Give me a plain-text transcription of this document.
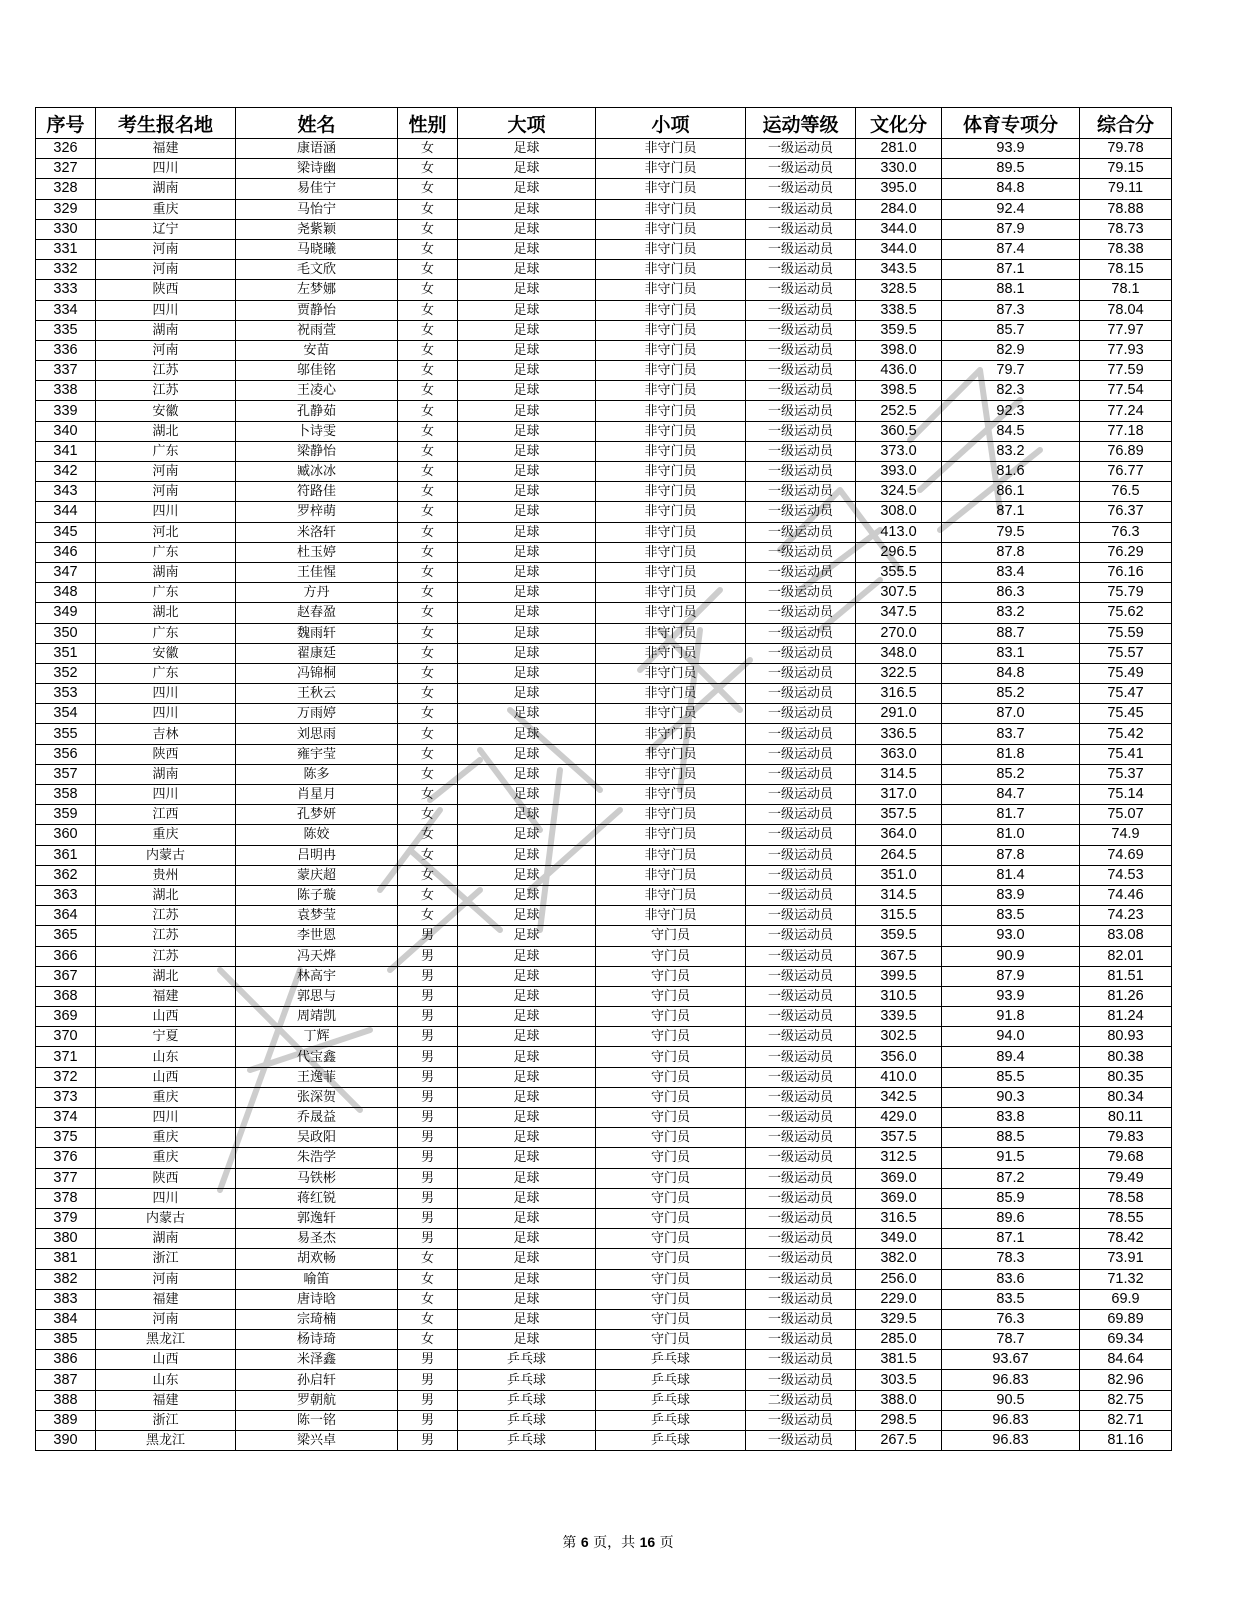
序号	考生报名地	姓名	性别	大项	小项	运动等级	文化分	体育专项分	综合分
326	福建	康语涵	女	足球	非守门员	一级运动员	281.0	93.9	79.78
327	四川	梁诗幽	女	足球	非守门员	一级运动员	330.0	89.5	79.15
328	湖南	易佳宁	女	足球	非守门员	一级运动员	395.0	84.8	79.11
329	重庆	马怡宁	女	足球	非守门员	一级运动员	284.0	92.4	78.88
330	辽宁	尧紫颖	女	足球	非守门员	一级运动员	344.0	87.9	78.73
331	河南	马晓曦	女	足球	非守门员	一级运动员	344.0	87.4	78.38
332	河南	毛文欣	女	足球	非守门员	一级运动员	343.5	87.1	78.15
333	陕西	左梦娜	女	足球	非守门员	一级运动员	328.5	88.1	78.1
334	四川	贾静怡	女	足球	非守门员	一级运动员	338.5	87.3	78.04
335	湖南	祝雨萱	女	足球	非守门员	一级运动员	359.5	85.7	77.97
336	河南	安苗	女	足球	非守门员	一级运动员	398.0	82.9	77.93
337	江苏	邬佳铭	女	足球	非守门员	一级运动员	436.0	79.7	77.59
338	江苏	王凌心	女	足球	非守门员	一级运动员	398.5	82.3	77.54
339	安徽	孔静茹	女	足球	非守门员	一级运动员	252.5	92.3	77.24
340	湖北	卜诗雯	女	足球	非守门员	一级运动员	360.5	84.5	77.18
341	广东	梁静怡	女	足球	非守门员	一级运动员	373.0	83.2	76.89
342	河南	臧冰冰	女	足球	非守门员	一级运动员	393.0	81.6	76.77
343	河南	符路佳	女	足球	非守门员	一级运动员	324.5	86.1	76.5
344	四川	罗梓萌	女	足球	非守门员	一级运动员	308.0	87.1	76.37
345	河北	米洛轩	女	足球	非守门员	一级运动员	413.0	79.5	76.3
346	广东	杜玉婷	女	足球	非守门员	一级运动员	296.5	87.8	76.29
347	湖南	王佳惺	女	足球	非守门员	一级运动员	355.5	83.4	76.16
348	广东	方丹	女	足球	非守门员	一级运动员	307.5	86.3	75.79
349	湖北	赵春盈	女	足球	非守门员	一级运动员	347.5	83.2	75.62
350	广东	魏雨轩	女	足球	非守门员	一级运动员	270.0	88.7	75.59
351	安徽	翟康廷	女	足球	非守门员	一级运动员	348.0	83.1	75.57
352	广东	冯锦桐	女	足球	非守门员	一级运动员	322.5	84.8	75.49
353	四川	王秋云	女	足球	非守门员	一级运动员	316.5	85.2	75.47
354	四川	万雨婷	女	足球	非守门员	一级运动员	291.0	87.0	75.45
355	吉林	刘思雨	女	足球	非守门员	一级运动员	336.5	83.7	75.42
356	陕西	雍宇莹	女	足球	非守门员	一级运动员	363.0	81.8	75.41
357	湖南	陈多	女	足球	非守门员	一级运动员	314.5	85.2	75.37
358	四川	肖星月	女	足球	非守门员	一级运动员	317.0	84.7	75.14
359	江西	孔梦妍	女	足球	非守门员	一级运动员	357.5	81.7	75.07
360	重庆	陈姣	女	足球	非守门员	一级运动员	364.0	81.0	74.9
361	内蒙古	吕明冉	女	足球	非守门员	一级运动员	264.5	87.8	74.69
362	贵州	蒙庆超	女	足球	非守门员	一级运动员	351.0	81.4	74.53
363	湖北	陈子璇	女	足球	非守门员	一级运动员	314.5	83.9	74.46
364	江苏	袁梦莹	女	足球	非守门员	一级运动员	315.5	83.5	74.23
365	江苏	李世恩	男	足球	守门员	一级运动员	359.5	93.0	83.08
366	江苏	冯天烨	男	足球	守门员	一级运动员	367.5	90.9	82.01
367	湖北	林高宇	男	足球	守门员	一级运动员	399.5	87.9	81.51
368	福建	郭思与	男	足球	守门员	一级运动员	310.5	93.9	81.26
369	山西	周靖凯	男	足球	守门员	一级运动员	339.5	91.8	81.24
370	宁夏	丁辉	男	足球	守门员	一级运动员	302.5	94.0	80.93
371	山东	代宝鑫	男	足球	守门员	一级运动员	356.0	89.4	80.38
372	山西	王逸菲	男	足球	守门员	一级运动员	410.0	85.5	80.35
373	重庆	张深贺	男	足球	守门员	一级运动员	342.5	90.3	80.34
374	四川	乔晟益	男	足球	守门员	一级运动员	429.0	83.8	80.11
375	重庆	吴政阳	男	足球	守门员	一级运动员	357.5	88.5	79.83
376	重庆	朱浩学	男	足球	守门员	一级运动员	312.5	91.5	79.68
377	陕西	马铁彬	男	足球	守门员	一级运动员	369.0	87.2	79.49
378	四川	蒋红锐	男	足球	守门员	一级运动员	369.0	85.9	78.58
379	内蒙古	郭逸轩	男	足球	守门员	一级运动员	316.5	89.6	78.55
380	湖南	易圣杰	男	足球	守门员	一级运动员	349.0	87.1	78.42
381	浙江	胡欢畅	女	足球	守门员	一级运动员	382.0	78.3	73.91
382	河南	喻笛	女	足球	守门员	一级运动员	256.0	83.6	71.32
383	福建	唐诗晗	女	足球	守门员	一级运动员	229.0	83.5	69.9
384	河南	宗琦楠	女	足球	守门员	一级运动员	329.5	76.3	69.89
385	黑龙江	杨诗琦	女	足球	守门员	一级运动员	285.0	78.7	69.34
386	山西	米泽鑫	男	乒乓球	乒乓球	一级运动员	381.5	93.67	84.64
387	山东	孙启轩	男	乒乓球	乒乓球	一级运动员	303.5	96.83	82.96
388	福建	罗朝航	男	乒乓球	乒乓球	二级运动员	388.0	90.5	82.75
389	浙江	陈一铭	男	乒乓球	乒乓球	一级运动员	298.5	96.83	82.71
390	黑龙江	梁兴卓	男	乒乓球	乒乓球	一级运动员	267.5	96.83	81.16
第 6 页，共 16 页
